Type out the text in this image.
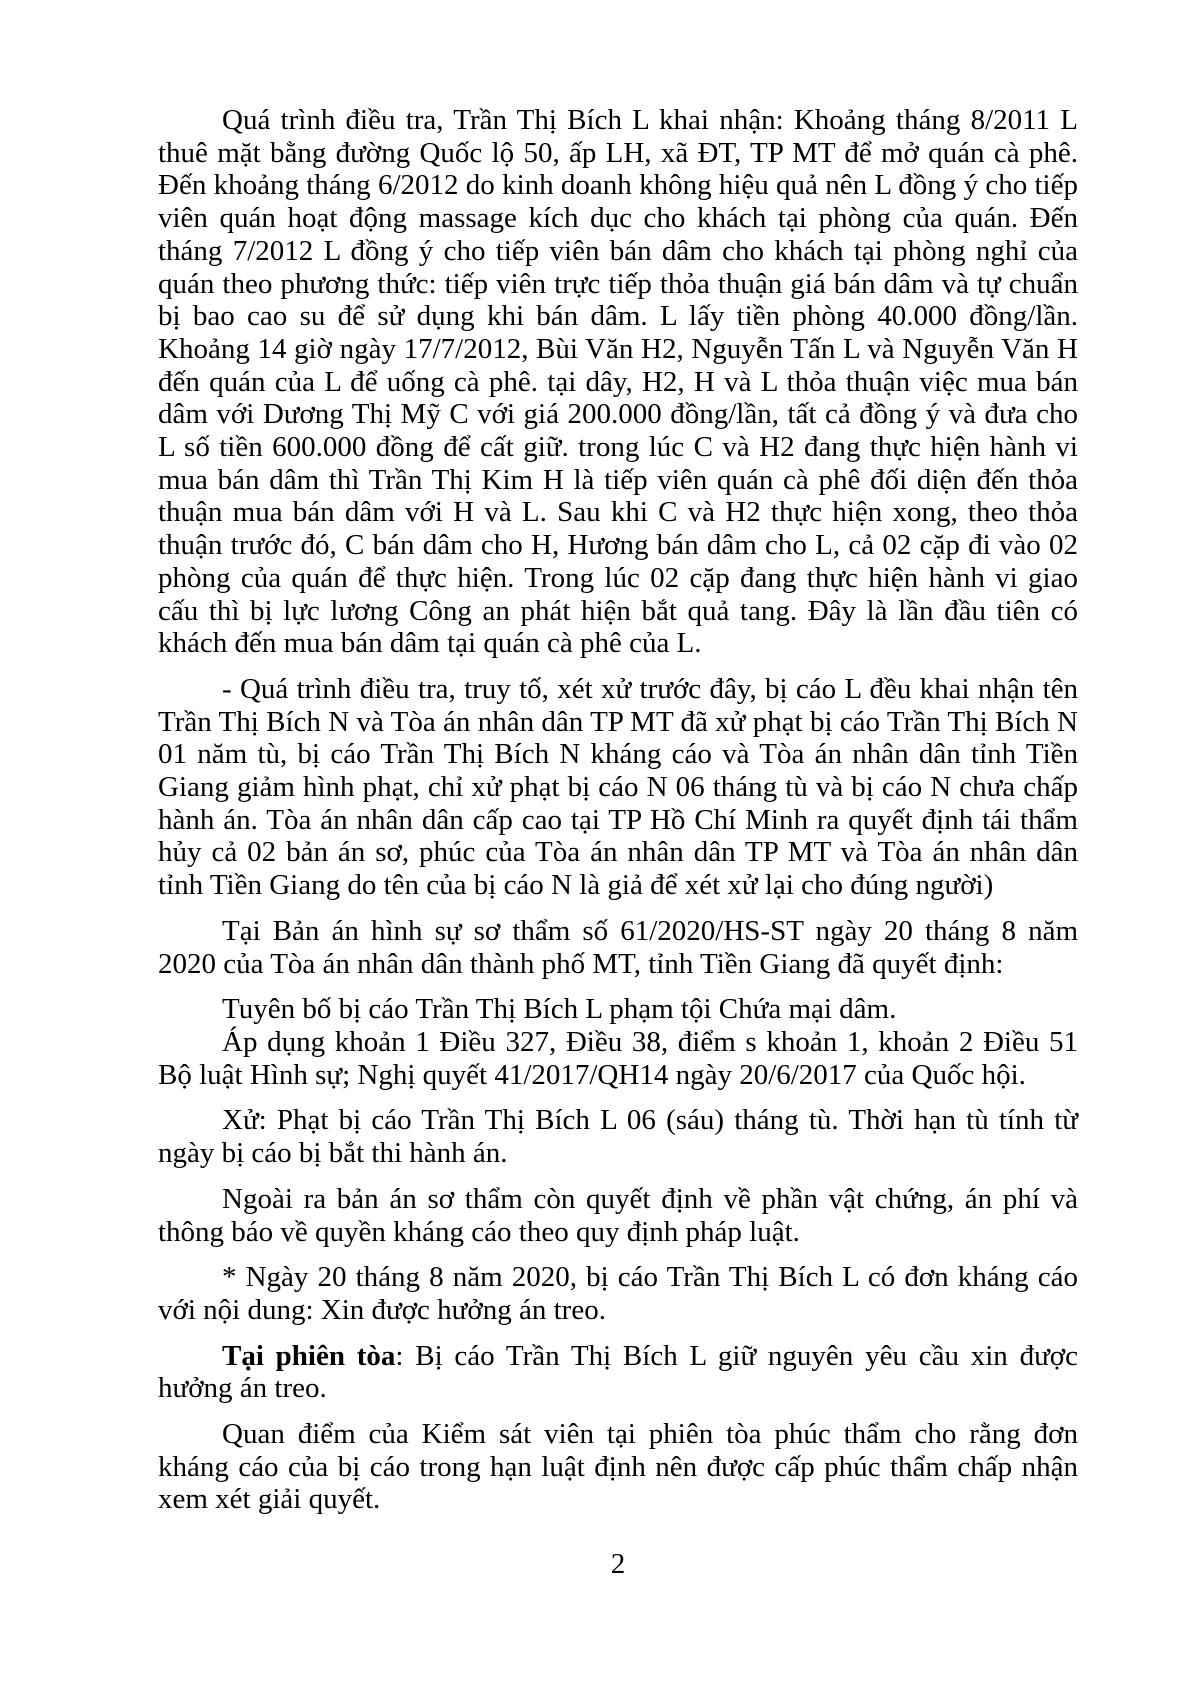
Quá trình điều tra, Trần Thị Bích L khai nhận: Khoảng tháng 8/2011 L thuê mặt bằng đường Quốc lộ 50, ấp LH, xã ĐT, TP MT để mở quán cà phê. Đến khoảng tháng 6/2012 do kinh doanh không hiệu quả nên L đồng ý cho tiếp viên quán hoạt động massage kích dục cho khách tại phòng của quán. Đến tháng 7/2012 L đồng ý cho tiếp viên bán dâm cho khách tại phòng nghỉ của quán theo phương thức: tiếp viên trực tiếp thỏa thuận giá bán dâm và tự chuẩn bị bao cao su để sử dụng khi bán dâm. L lấy tiền phòng 40.000 đồng/lần. Khoảng 14 giờ ngày 17/7/2012, Bùi Văn H2, Nguyễn Tấn L và Nguyễn Văn H đến quán của L để uống cà phê. tại dây, H2, H và L thỏa thuận việc mua bán dâm với Dương Thị Mỹ C với giá 200.000 đồng/lần, tất cả đồng ý và đưa cho L số tiền 600.000 đồng để cất giữ. trong lúc C và H2 đang thực hiện hành vi mua bán dâm thì Trần Thị Kim H là tiếp viên quán cà phê đối diện đến thỏa thuận mua bán dâm với H và L. Sau khi C và H2 thực hiện xong, theo thỏa thuận trước đó, C bán dâm cho H, Hương bán dâm cho L, cả 02 cặp đi vào 02 phòng của quán để thực hiện. Trong lúc 02 cặp đang thực hiện hành vi giao cấu thì bị lực lương Công an phát hiện bắt quả tang. Đây là lần đầu tiên có khách đến mua bán dâm tại quán cà phê của L.

- Quá trình điều tra, truy tố, xét xử trước đây, bị cáo L đều khai nhận tên Trần Thị Bích N và Tòa án nhân dân TP MT đã xử phạt bị cáo Trần Thị Bích N 01 năm tù, bị cáo Trần Thị Bích N kháng cáo và Tòa án nhân dân tỉnh Tiền Giang giảm hình phạt, chỉ xử phạt bị cáo N 06 tháng tù và bị cáo N chưa chấp hành án. Tòa án nhân dân cấp cao tại TP Hồ Chí Minh ra quyết định tái thẩm hủy cả 02 bản án sơ, phúc của Tòa án nhân dân TP MT và Tòa án nhân dân tỉnh Tiền Giang do tên của bị cáo N là giả để xét xử lại cho đúng người)

Tại Bản án hình sự sơ thẩm số 61/2020/HS-ST ngày 20 tháng 8 năm 2020 của Tòa án nhân dân thành phố MT, tỉnh Tiền Giang đã quyết định:

Tuyên bố bị cáo Trần Thị Bích L phạm tội Chứa mại dâm.

Áp dụng khoản 1 Điều 327, Điều 38, điểm s khoản 1, khoản 2 Điều 51 Bộ luật Hình sự; Nghị quyết 41/2017/QH14 ngày 20/6/2017 của Quốc hội.

Xử: Phạt bị cáo Trần Thị Bích L 06 (sáu) tháng tù. Thời hạn tù tính từ ngày bị cáo bị bắt thi hành án.

Ngoài ra bản án sơ thẩm còn quyết định về phần vật chứng, án phí và thông báo về quyền kháng cáo theo quy định pháp luật.

* Ngày 20 tháng 8 năm 2020, bị cáo Trần Thị Bích L có đơn kháng cáo với nội dung: Xin được hưởng án treo.

Tại phiên tòa: Bị cáo Trần Thị Bích L giữ nguyên yêu cầu xin được hưởng án treo.

Quan điểm của Kiểm sát viên tại phiên tòa phúc thẩm cho rằng đơn kháng cáo của bị cáo trong hạn luật định nên được cấp phúc thẩm chấp nhận xem xét giải quyết.

2
